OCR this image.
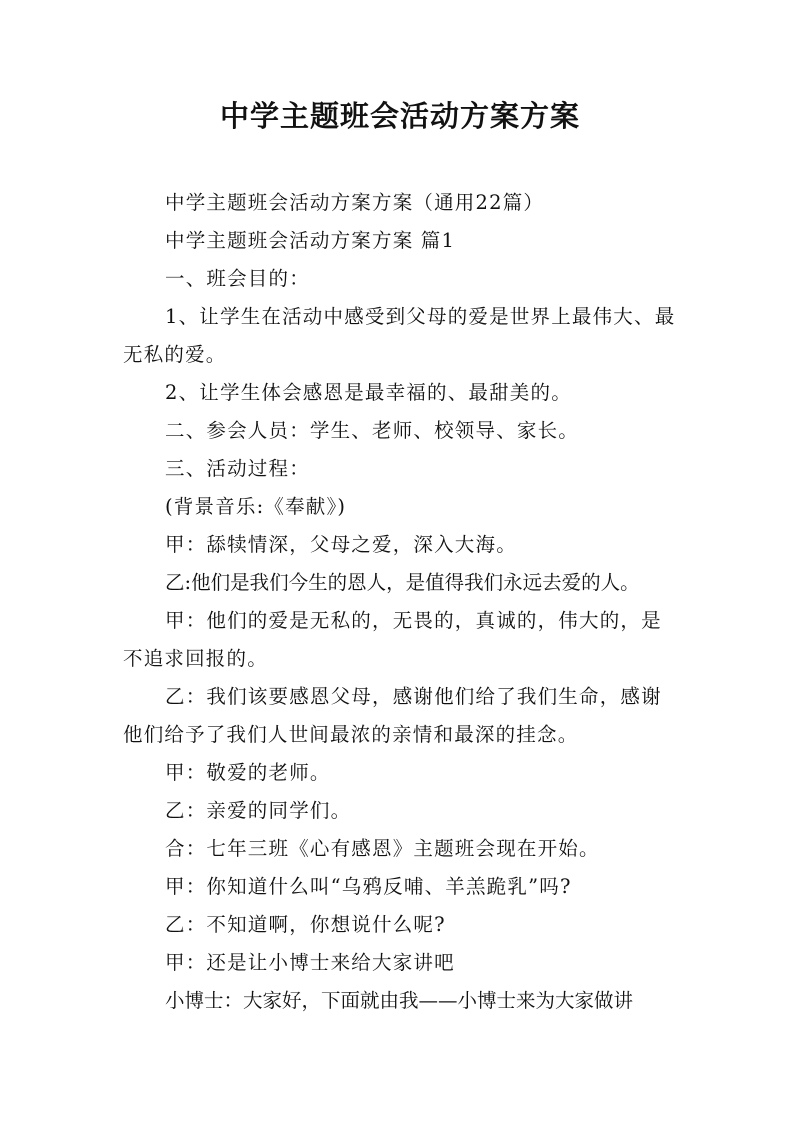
中学主题班会活动方案方案

中学主题班会活动方案方案（通用22篇）

中学主题班会活动方案方案 篇1

一、班会目的：

1、让学生在活动中感受到父母的爱是世界上最伟大、最无私的爱。

2、让学生体会感恩是最幸福的、最甜美的。

二、参会人员：学生、老师、校领导、家长。

三、活动过程：

(背景音乐:《奉献》)

甲：舔犊情深，父母之爱，深入大海。

乙:他们是我们今生的恩人，是值得我们永远去爱的人。

甲：他们的爱是无私的，无畏的，真诚的，伟大的，是不追求回报的。

乙：我们该要感恩父母，感谢他们给了我们生命，感谢他们给予了我们人世间最浓的亲情和最深的挂念。

甲：敬爱的老师。

乙：亲爱的同学们。

合：七年三班《心有感恩》主题班会现在开始。

甲：你知道什么叫“乌鸦反哺、羊羔跪乳”吗?

乙：不知道啊，你想说什么呢?

甲：还是让小博士来给大家讲吧

小博士：大家好，下面就由我——小博士来为大家做讲
